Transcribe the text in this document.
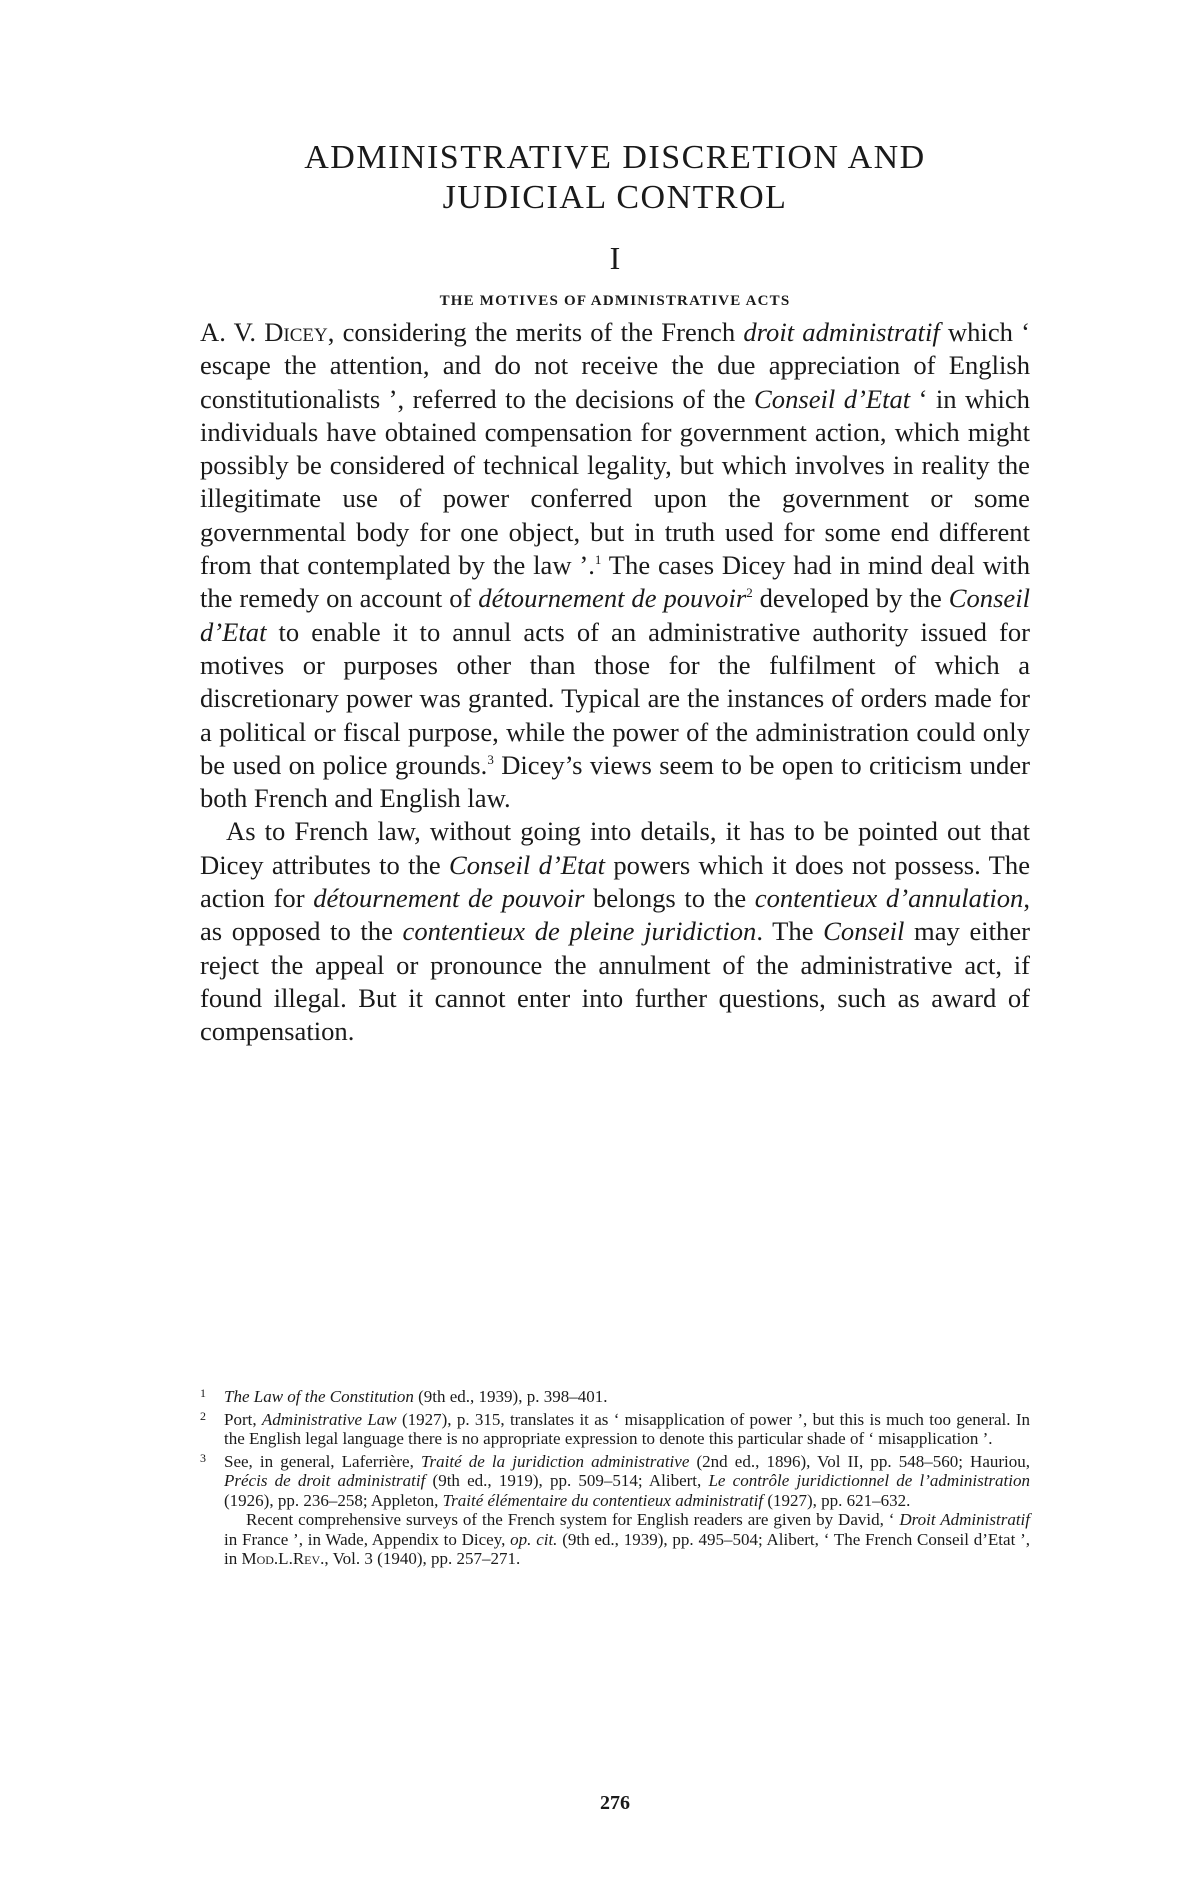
ADMINISTRATIVE DISCRETION AND
JUDICIAL CONTROL
I
THE MOTIVES OF ADMINISTRATIVE ACTS

A. V. Dicey, considering the merits of the French droit administratif which ‘ escape the attention, and do not receive the due appreciation of English constitutionalists ’, referred to the decisions of the Conseil d’Etat ‘ in which individuals have obtained compensation for government action, which might possibly be considered of technical legality, but which involves in reality the illegitimate use of power conferred upon the government or some governmental body for one object, but in truth used for some end different from that contemplated by the law ’.$^1$ The cases Dicey had in mind deal with the remedy on account of détournement de pouvoir$^2$ developed by the Conseil d’Etat to enable it to annul acts of an administrative authority issued for motives or purposes other than those for the fulfilment of which a discretionary power was granted. Typical are the instances of orders made for a political or fiscal purpose, while the power of the administration could only be used on police grounds.$^3$ Dicey’s views seem to be open to criticism under both French and English law.

As to French law, without going into details, it has to be pointed out that Dicey attributes to the Conseil d’Etat powers which it does not possess. The action for détournement de pouvoir belongs to the contentieux d’annulation, as opposed to the contentieux de pleine juridiction. The Conseil may either reject the appeal or pronounce the annulment of the administrative act, if found illegal. But it cannot enter into further questions, such as award of compensation.

1 The Law of the Constitution (9th ed., 1939), p. 398–401.
2 Port, Administrative Law (1927), p. 315, translates it as ‘ misapplication of power ’, but this is much too general. In the English legal language there is no appropriate expression to denote this particular shade of ‘ misapplication ’.
3 See, in general, Laferrière, Traité de la juridiction administrative (2nd ed., 1896), Vol II, pp. 548–560; Hauriou, Précis de droit administratif (9th ed., 1919), pp. 509–514; Alibert, Le contrôle juridictionnel de l’administration (1926), pp. 236–258; Appleton, Traité élémentaire du contentieux administratif (1927), pp. 621–632.
Recent comprehensive surveys of the French system for English readers are given by David, ‘ Droit Administratif in France ’, in Wade, Appendix to Dicey, op. cit. (9th ed., 1939), pp. 495–504; Alibert, ‘ The French Conseil d’Etat ’, in Mod.L.Rev., Vol. 3 (1940), pp. 257–271.
276
